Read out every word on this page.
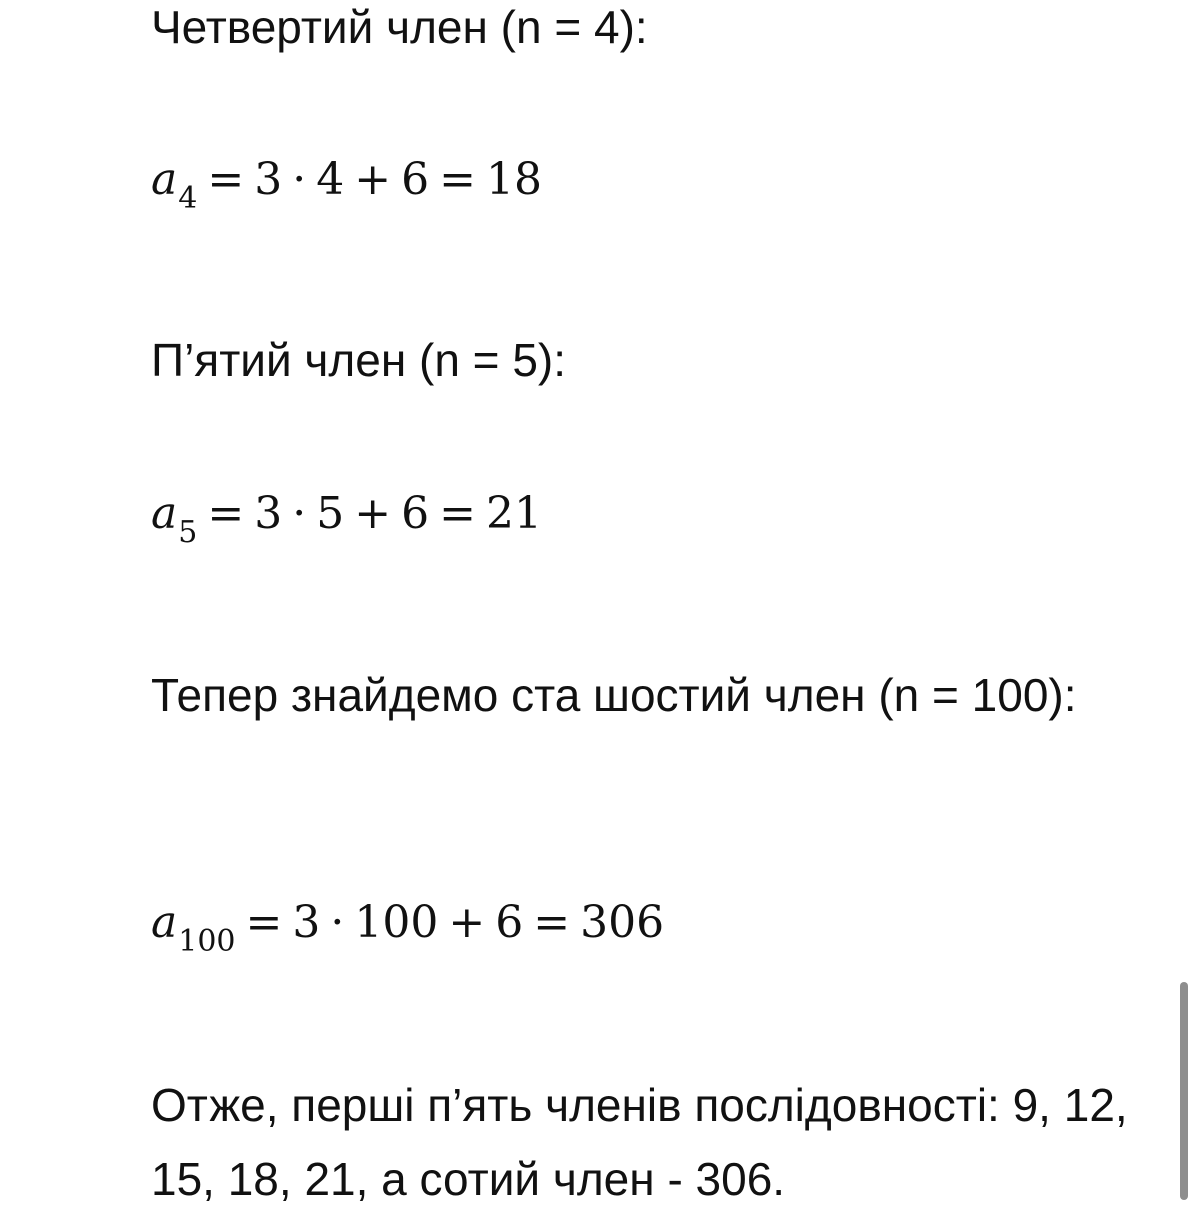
Четвертий член (n = 4):
$a_4 = 3 \cdot 4 + 6 = 18$
П’ятий член (n = 5):
$a_5 = 3 \cdot 5 + 6 = 21$
Тепер знайдемо ста шостий член (n = 100):
$a_{100} = 3 \cdot 100 + 6 = 306$
Отже, перші п’ять членів послідовності: 9, 12, 15, 18, 21, а сотий член - 306.
